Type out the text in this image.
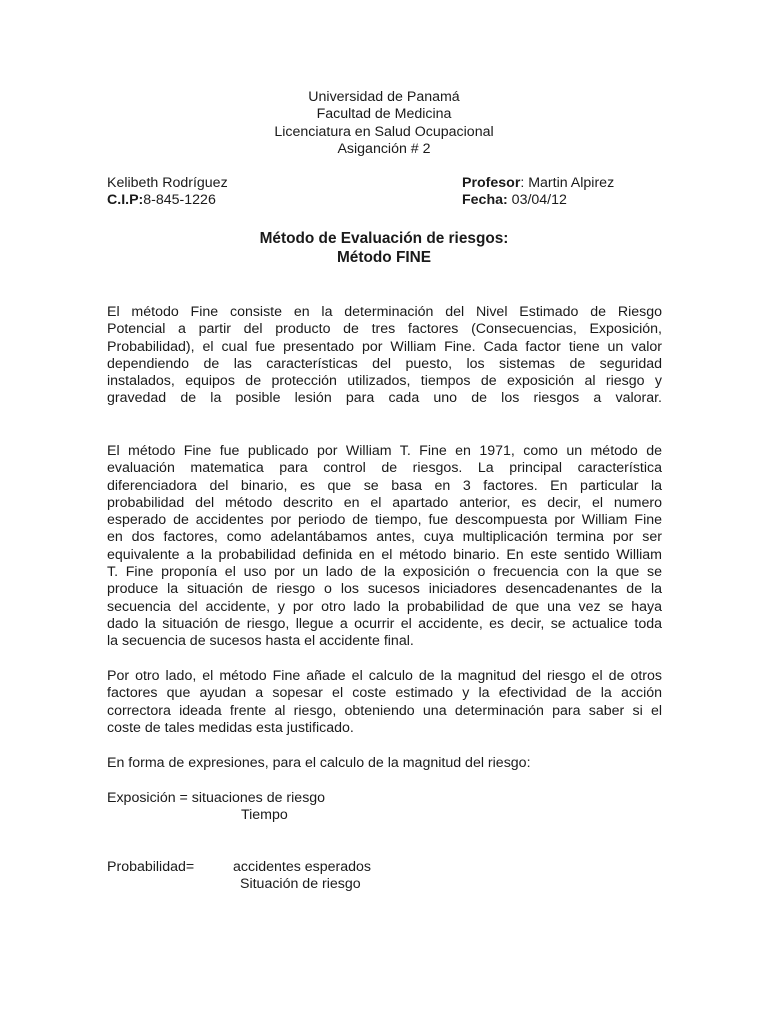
Universidad de Panamá
Facultad de Medicina
Licenciatura en Salud Ocupacional
Asiganción # 2
Kelibeth Rodríguez	Profesor: Martin Alpirez
C.I.P:8-845-1226	Fecha: 03/04/12
Método de Evaluación de riesgos:
Método FINE
El método Fine consiste en la determinación del Nivel Estimado de Riesgo
Potencial a partir del producto de tres factores (Consecuencias, Exposición,
Probabilidad), el cual fue presentado por William Fine. Cada factor tiene un valor
dependiendo de las características del puesto, los sistemas de seguridad
instalados, equipos de protección utilizados, tiempos de exposición al riesgo y
gravedad de la posible lesión para cada uno de los riesgos a valorar.
El método Fine fue publicado por William T. Fine en 1971, como un método de
evaluación matematica para control de riesgos. La principal característica
diferenciadora del binario, es que se basa en 3 factores. En particular la
probabilidad del método descrito en el apartado anterior, es decir, el numero
esperado de accidentes por periodo de tiempo, fue descompuesta por William Fine
en dos factores, como adelantábamos antes, cuya multiplicación termina por ser
equivalente a la probabilidad definida en el método binario. En este sentido William
T. Fine proponía el uso por un lado de la exposición o frecuencia con la que se
produce la situación de riesgo o los sucesos iniciadores desencadenantes de la
secuencia del accidente, y por otro lado la probabilidad de que una vez se haya
dado la situación de riesgo, llegue a ocurrir el accidente, es decir, se actualice toda
la secuencia de sucesos hasta el accidente final.
Por otro lado, el método Fine añade el calculo de la magnitud del riesgo el de otros
factores que ayudan a sopesar el coste estimado y la efectividad de la acción
correctora ideada frente al riesgo, obteniendo una determinación para saber si el
coste de tales medidas esta justificado.
En forma de expresiones, para el calculo de la magnitud del riesgo:
Exposición = situaciones de riesgo
Tiempo
Probabilidad=	accidentes esperados
Situación de riesgo
